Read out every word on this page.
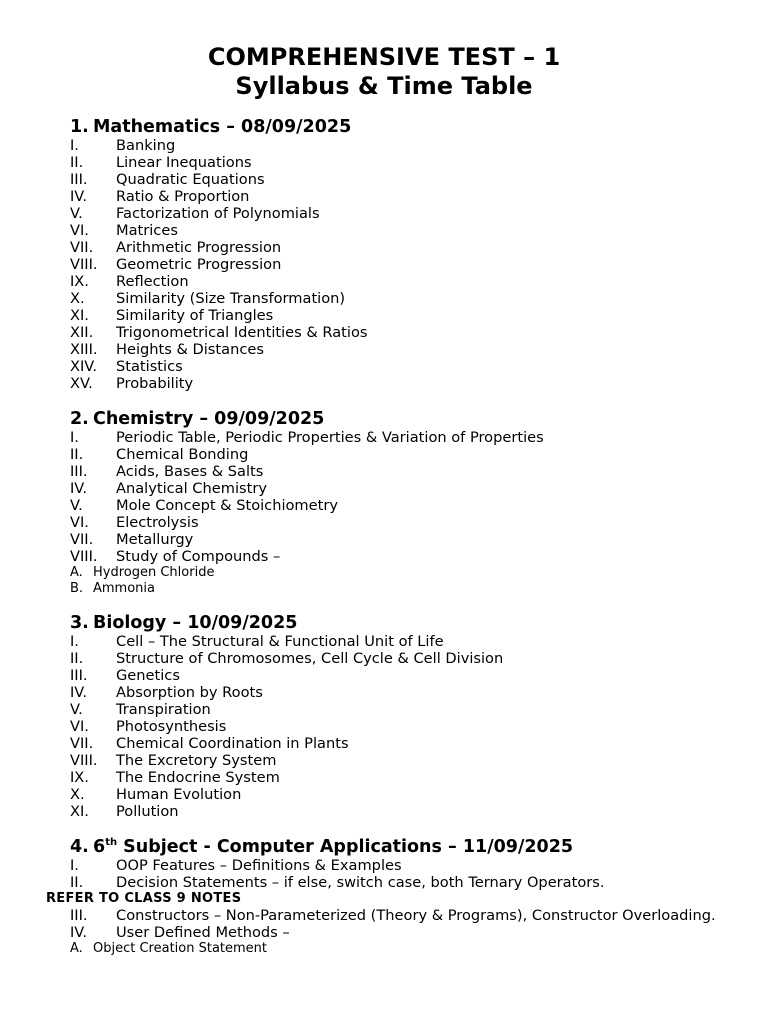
COMPREHENSIVE TEST – 1
Syllabus & Time Table
1. Mathematics – 08/09/2025
I.	Banking
II.	Linear Inequations
III.	Quadratic Equations
IV.	Ratio & Proportion
V.	Factorization of Polynomials
VI.	Matrices
VII.	Arithmetic Progression
VIII.	Geometric Progression
IX.	Reflection
X.	Similarity (Size Transformation)
XI.	Similarity of Triangles
XII.	Trigonometrical Identities & Ratios
XIII.	Heights & Distances
XIV.	Statistics
XV.	Probability
2. Chemistry – 09/09/2025
I.	Periodic Table, Periodic Properties & Variation of Properties
II.	Chemical Bonding
III.	Acids, Bases & Salts
IV.	Analytical Chemistry
V.	Mole Concept & Stoichiometry
VI.	Electrolysis
VII.	Metallurgy
VIII.	Study of Compounds –
A. Hydrogen Chloride
B. Ammonia
3. Biology – 10/09/2025
I.	Cell – The Structural & Functional Unit of Life
II.	Structure of Chromosomes, Cell Cycle & Cell Division
III.	Genetics
IV.	Absorption by Roots
V.	Transpiration
VI.	Photosynthesis
VII.	Chemical Coordination in Plants
VIII.	The Excretory System
IX.	The Endocrine System
X.	Human Evolution
XI.	Pollution
4. 6th Subject - Computer Applications – 11/09/2025
I.	OOP Features – Definitions & Examples
II.	Decision Statements – if else, switch case, both Ternary Operators.
REFER TO CLASS 9 NOTES
III.	Constructors – Non-Parameterized (Theory & Programs), Constructor Overloading.
IV.	User Defined Methods –
A. Object Creation Statement
